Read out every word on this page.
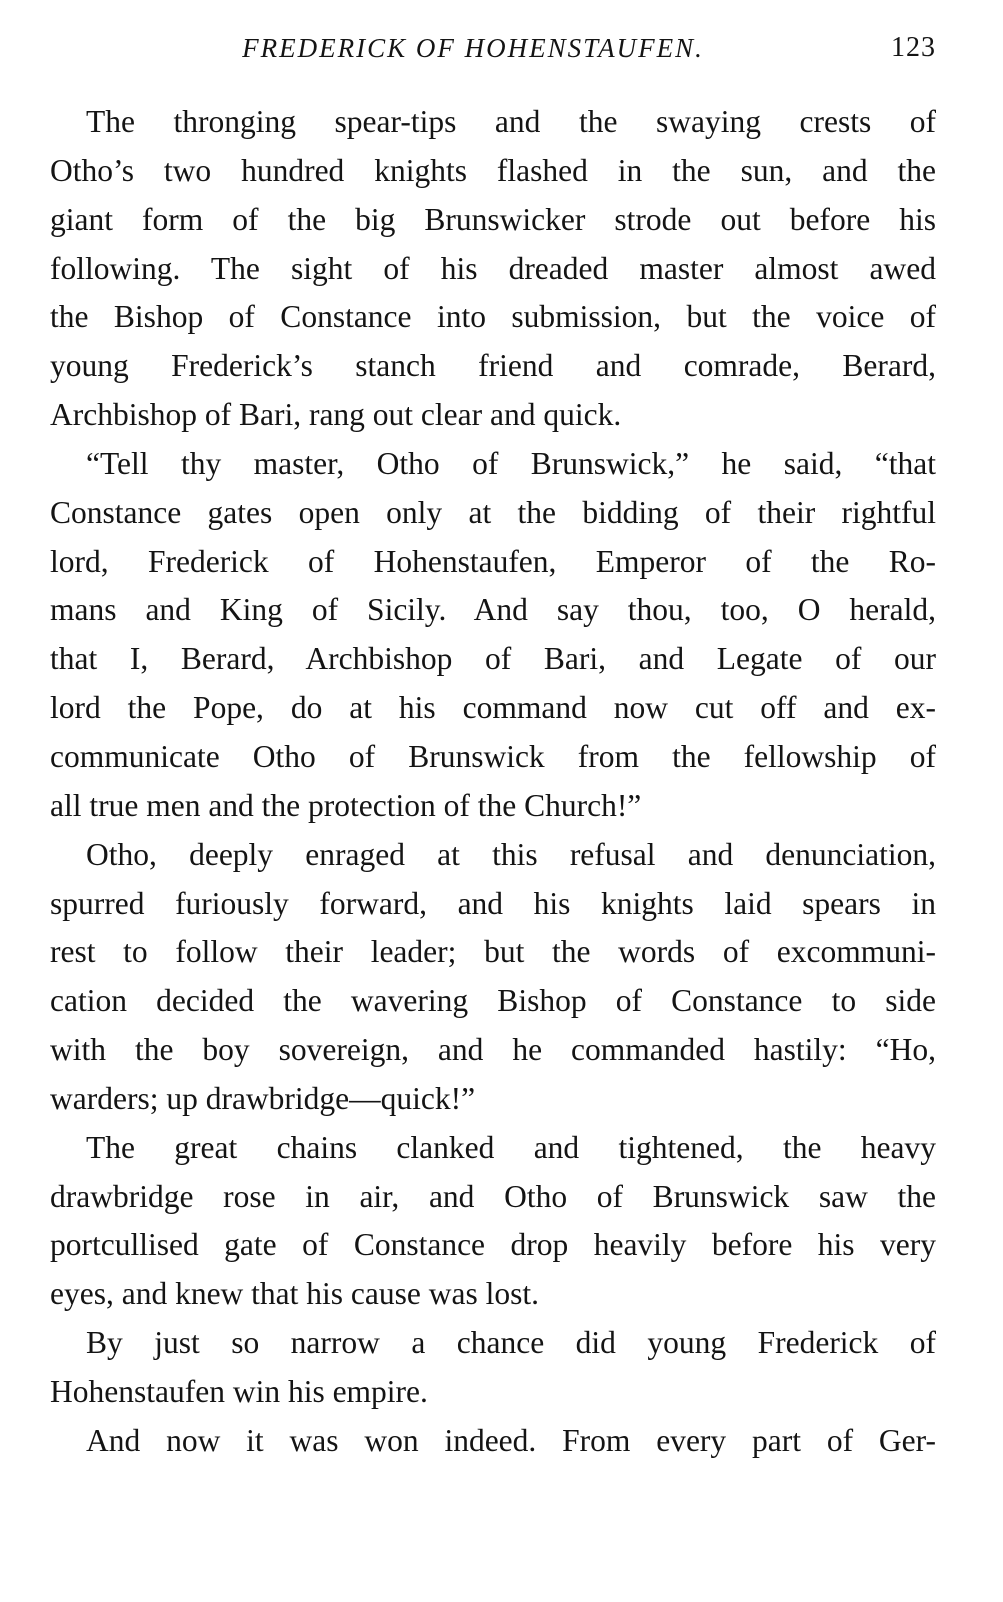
FREDERICK OF HOHENSTAUFEN.	123

The thronging spear-tips and the swaying crests of
Otho’s two hundred knights flashed in the sun, and the
giant form of the big Brunswicker strode out before his
following. The sight of his dreaded master almost awed
the Bishop of Constance into submission, but the voice of
young Frederick’s stanch friend and comrade, Berard,
Archbishop of Bari, rang out clear and quick.

“Tell thy master, Otho of Brunswick,” he said, “that
Constance gates open only at the bidding of their rightful
lord, Frederick of Hohenstaufen, Emperor of the Ro-
mans and King of Sicily. And say thou, too, O herald,
that I, Berard, Archbishop of Bari, and Legate of our
lord the Pope, do at his command now cut off and ex-
communicate Otho of Brunswick from the fellowship of
all true men and the protection of the Church!”

Otho, deeply enraged at this refusal and denunciation,
spurred furiously forward, and his knights laid spears in
rest to follow their leader; but the words of excommuni-
cation decided the wavering Bishop of Constance to side
with the boy sovereign, and he commanded hastily: “Ho,
warders; up drawbridge—quick!”

The great chains clanked and tightened, the heavy
drawbridge rose in air, and Otho of Brunswick saw the
portcullised gate of Constance drop heavily before his very
eyes, and knew that his cause was lost.

By just so narrow a chance did young Frederick of
Hohenstaufen win his empire.

And now it was won indeed. From every part of Ger-
